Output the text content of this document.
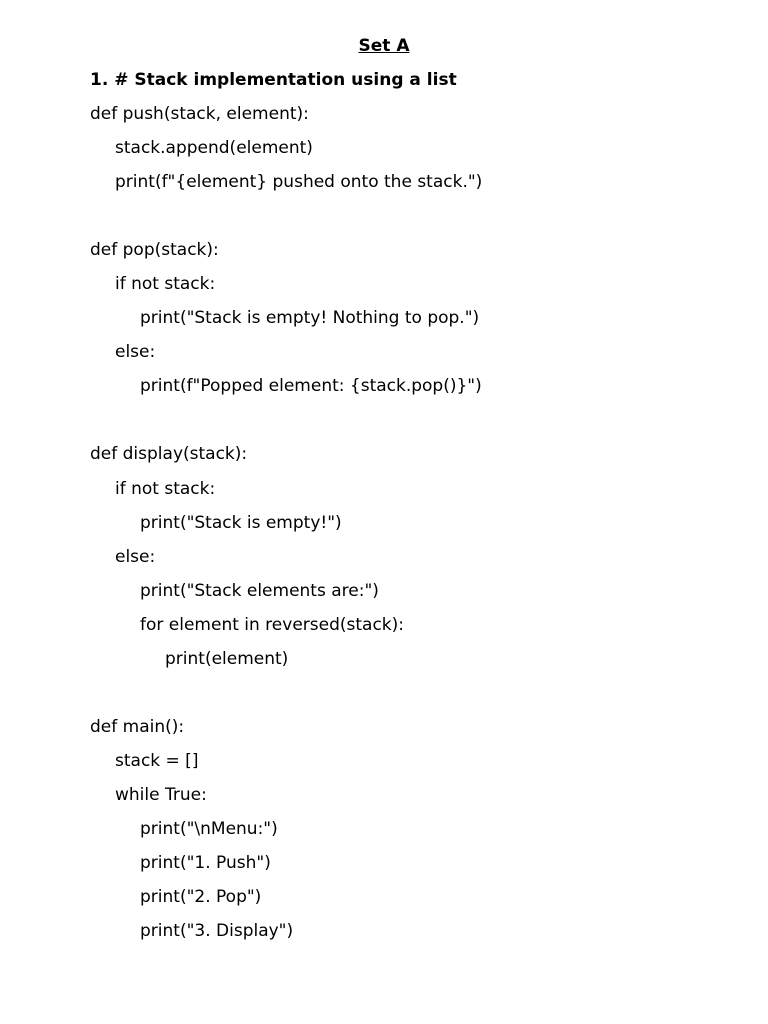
Set A
1. # Stack implementation using a list
def push(stack, element):
stack.append(element)
print(f"{element} pushed onto the stack.")
def pop(stack):
if not stack:
print("Stack is empty! Nothing to pop.")
else:
print(f"Popped element: {stack.pop()}")
def display(stack):
if not stack:
print("Stack is empty!")
else:
print("Stack elements are:")
for element in reversed(stack):
print(element)
def main():
stack = []
while True:
print("\nMenu:")
print("1. Push")
print("2. Pop")
print("3. Display")
